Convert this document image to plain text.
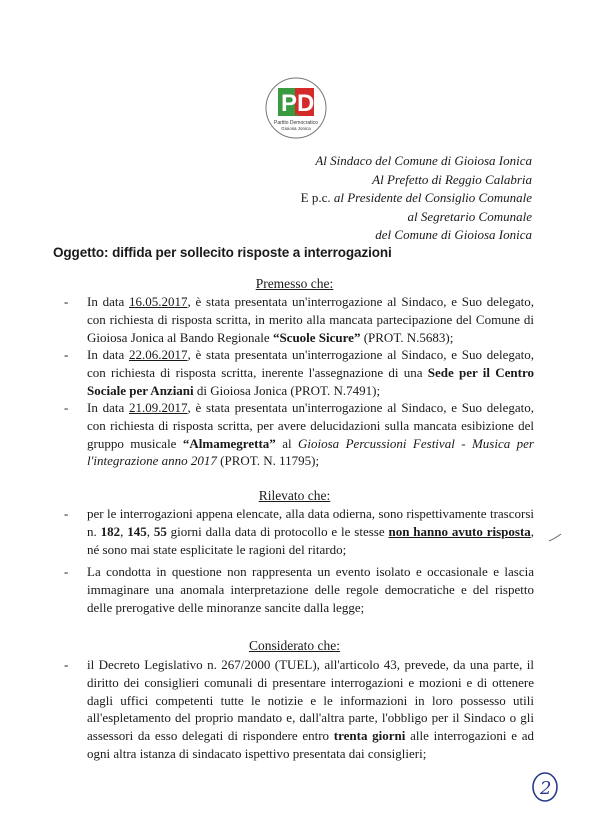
PD
Partito Democratico
Gioiosa Jonica
Al Sindaco del Comune di Gioiosa Ionica
Al Prefetto di Reggio Calabria
E p.c. al Presidente del Consiglio Comunale
al Segretario Comunale
del Comune di Gioiosa Ionica
Oggetto: diffida per sollecito risposte a interrogazioni
Premesso che:
- In data 16.05.2017, è stata presentata un'interrogazione al Sindaco, e Suo delegato, con richiesta di risposta scritta, in merito alla mancata partecipazione del Comune di Gioiosa Jonica al Bando Regionale “Scuole Sicure” (PROT. N.5683);
- In data 22.06.2017, è stata presentata un'interrogazione al Sindaco, e Suo delegato, con richiesta di risposta scritta, inerente l'assegnazione di una Sede per il Centro Sociale per Anziani di Gioiosa Jonica (PROT. N.7491);
- In data 21.09.2017, è stata presentata un'interrogazione al Sindaco, e Suo delegato, con richiesta di risposta scritta, per avere delucidazioni sulla mancata esibizione del gruppo musicale “Almamegretta” al Gioiosa Percussioni Festival - Musica per l'integrazione anno 2017 (PROT. N. 11795);
Rilevato che:
- per le interrogazioni appena elencate, alla data odierna, sono rispettivamente trascorsi n. 182, 145, 55 giorni dalla data di protocollo e le stesse non hanno avuto risposta, né sono mai state esplicitate le ragioni del ritardo;
- La condotta in questione non rappresenta un evento isolato e occasionale e lascia immaginare una anomala interpretazione delle regole democratiche e del rispetto delle prerogative delle minoranze sancite dalla legge;
Considerato che:
- il Decreto Legislativo n. 267/2000 (TUEL), all'articolo 43, prevede, da una parte, il diritto dei consiglieri comunali di presentare interrogazioni e mozioni e di ottenere dagli uffici competenti tutte le notizie e le informazioni in loro possesso utili all'espletamento del proprio mandato e, dall'altra parte, l'obbligo per il Sindaco o gli assessori da esso delegati di rispondere entro trenta giorni alle interrogazioni e ad ogni altra istanza di sindacato ispettivo presentata dai consiglieri;
2
